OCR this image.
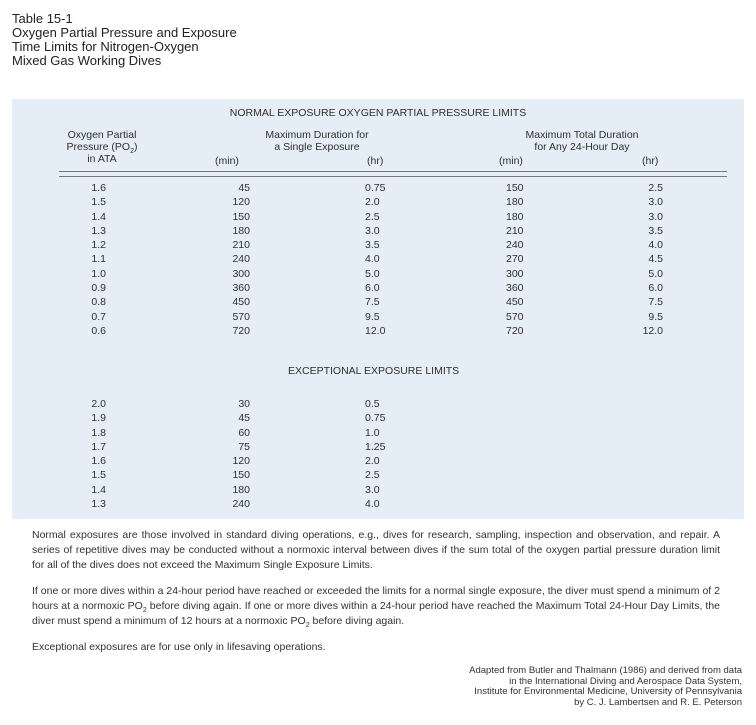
Table 15-1
Oxygen Partial Pressure and Exposure
Time Limits for Nitrogen-Oxygen
Mixed Gas Working Dives
NORMAL EXPOSURE OXYGEN PARTIAL PRESSURE LIMITS
Oxygen Partial
Pressure $(PO_2)$
in ATA
Maximum Duration for
a Single Exposure
(min)	(hr)
Maximum Total Duration
for Any 24-Hour Day
(min)	(hr)
1.6
1.5
1.4
1.3
1.2
1.1
1.0
0.9
0.8
0.7
0.6
45
120
150
180
210
240
300
360
450
570
720
0.75
2.0
2.5
3.0
3.5
4.0
5.0
6.0
7.5
9.5
12.0
150
180
180
210
240
270
300
360
450
570
720
2.5
3.0
3.0
3.5
4.0
4.5
5.0
6.0
7.5
9.5
12.0
EXCEPTIONAL EXPOSURE LIMITS
2.0
1.9
1.8
1.7
1.6
1.5
1.4
1.3
30
45
60
75
120
150
180
240
0.5
0.75
1.0
1.25
2.0
2.5
3.0
4.0

Normal exposures are those involved in standard diving operations, e.g., dives for research, sampling, inspection and observation, and repair. A series of repetitive dives may be conducted without a normoxic interval between dives if the sum total of the oxygen partial pressure duration limit for all of the dives does not exceed the Maximum Single Exposure Limits.

If one or more dives within a 24-hour period have reached or exceeded the limits for a normal single exposure, the diver must spend a minimum of 2 hours at a normoxic $PO_2$ before diving again. If one or more dives within a 24-hour period have reached the Maximum Total 24-Hour Day Limits, the diver must spend a minimum of 12 hours at a normoxic $PO_2$ before diving again.

Exceptional exposures are for use only in lifesaving operations.

Adapted from Butler and Thalmann (1986) and derived from data
in the International Diving and Aerospace Data System,
Institute for Environmental Medicine, University of Pennsylvania
by C. J. Lambertsen and R. E. Peterson
